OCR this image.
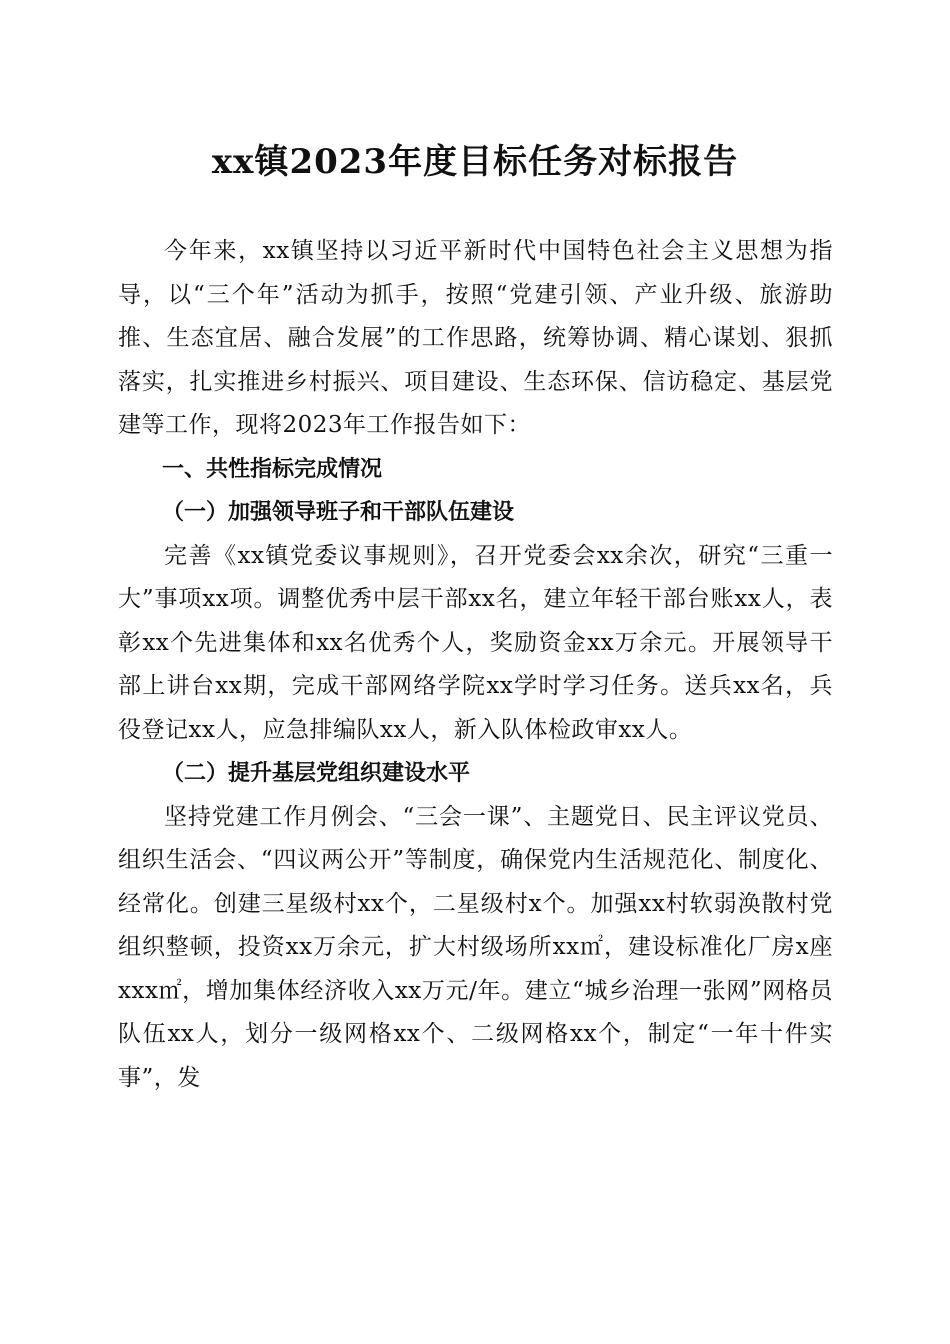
xx镇2023年度目标任务对标报告

今年来，xx镇坚持以习近平新时代中国特色社会主义思想为指导，以“三个年”活动为抓手，按照“党建引领、产业升级、旅游助推、生态宜居、融合发展”的工作思路，统筹协调、精心谋划、狠抓落实，扎实推进乡村振兴、项目建设、生态环保、信访稳定、基层党建等工作，现将2023年工作报告如下：

一、共性指标完成情况

（一）加强领导班子和干部队伍建设

完善《xx镇党委议事规则》，召开党委会xx余次，研究“三重一大”事项xx项。调整优秀中层干部xx名，建立年轻干部台账xx人，表彰xx个先进集体和xx名优秀个人，奖励资金xx万余元。开展领导干部上讲台xx期，完成干部网络学院xx学时学习任务。送兵xx名，兵役登记xx人，应急排编队xx人，新入队体检政审xx人。

（二）提升基层党组织建设水平

坚持党建工作月例会、“三会一课”、主题党日、民主评议党员、组织生活会、“四议两公开”等制度，确保党内生活规范化、制度化、经常化。创建三星级村xx个，二星级村x个。加强xx村软弱涣散村党组织整顿，投资xx万余元，扩大村级场所xx㎡，建设标准化厂房x座xxx㎡，增加集体经济收入xx万元/年。建立“城乡治理一张网”网格员队伍xx人，划分一级网格xx个、二级网格xx个，制定“一年十件实事”，发
